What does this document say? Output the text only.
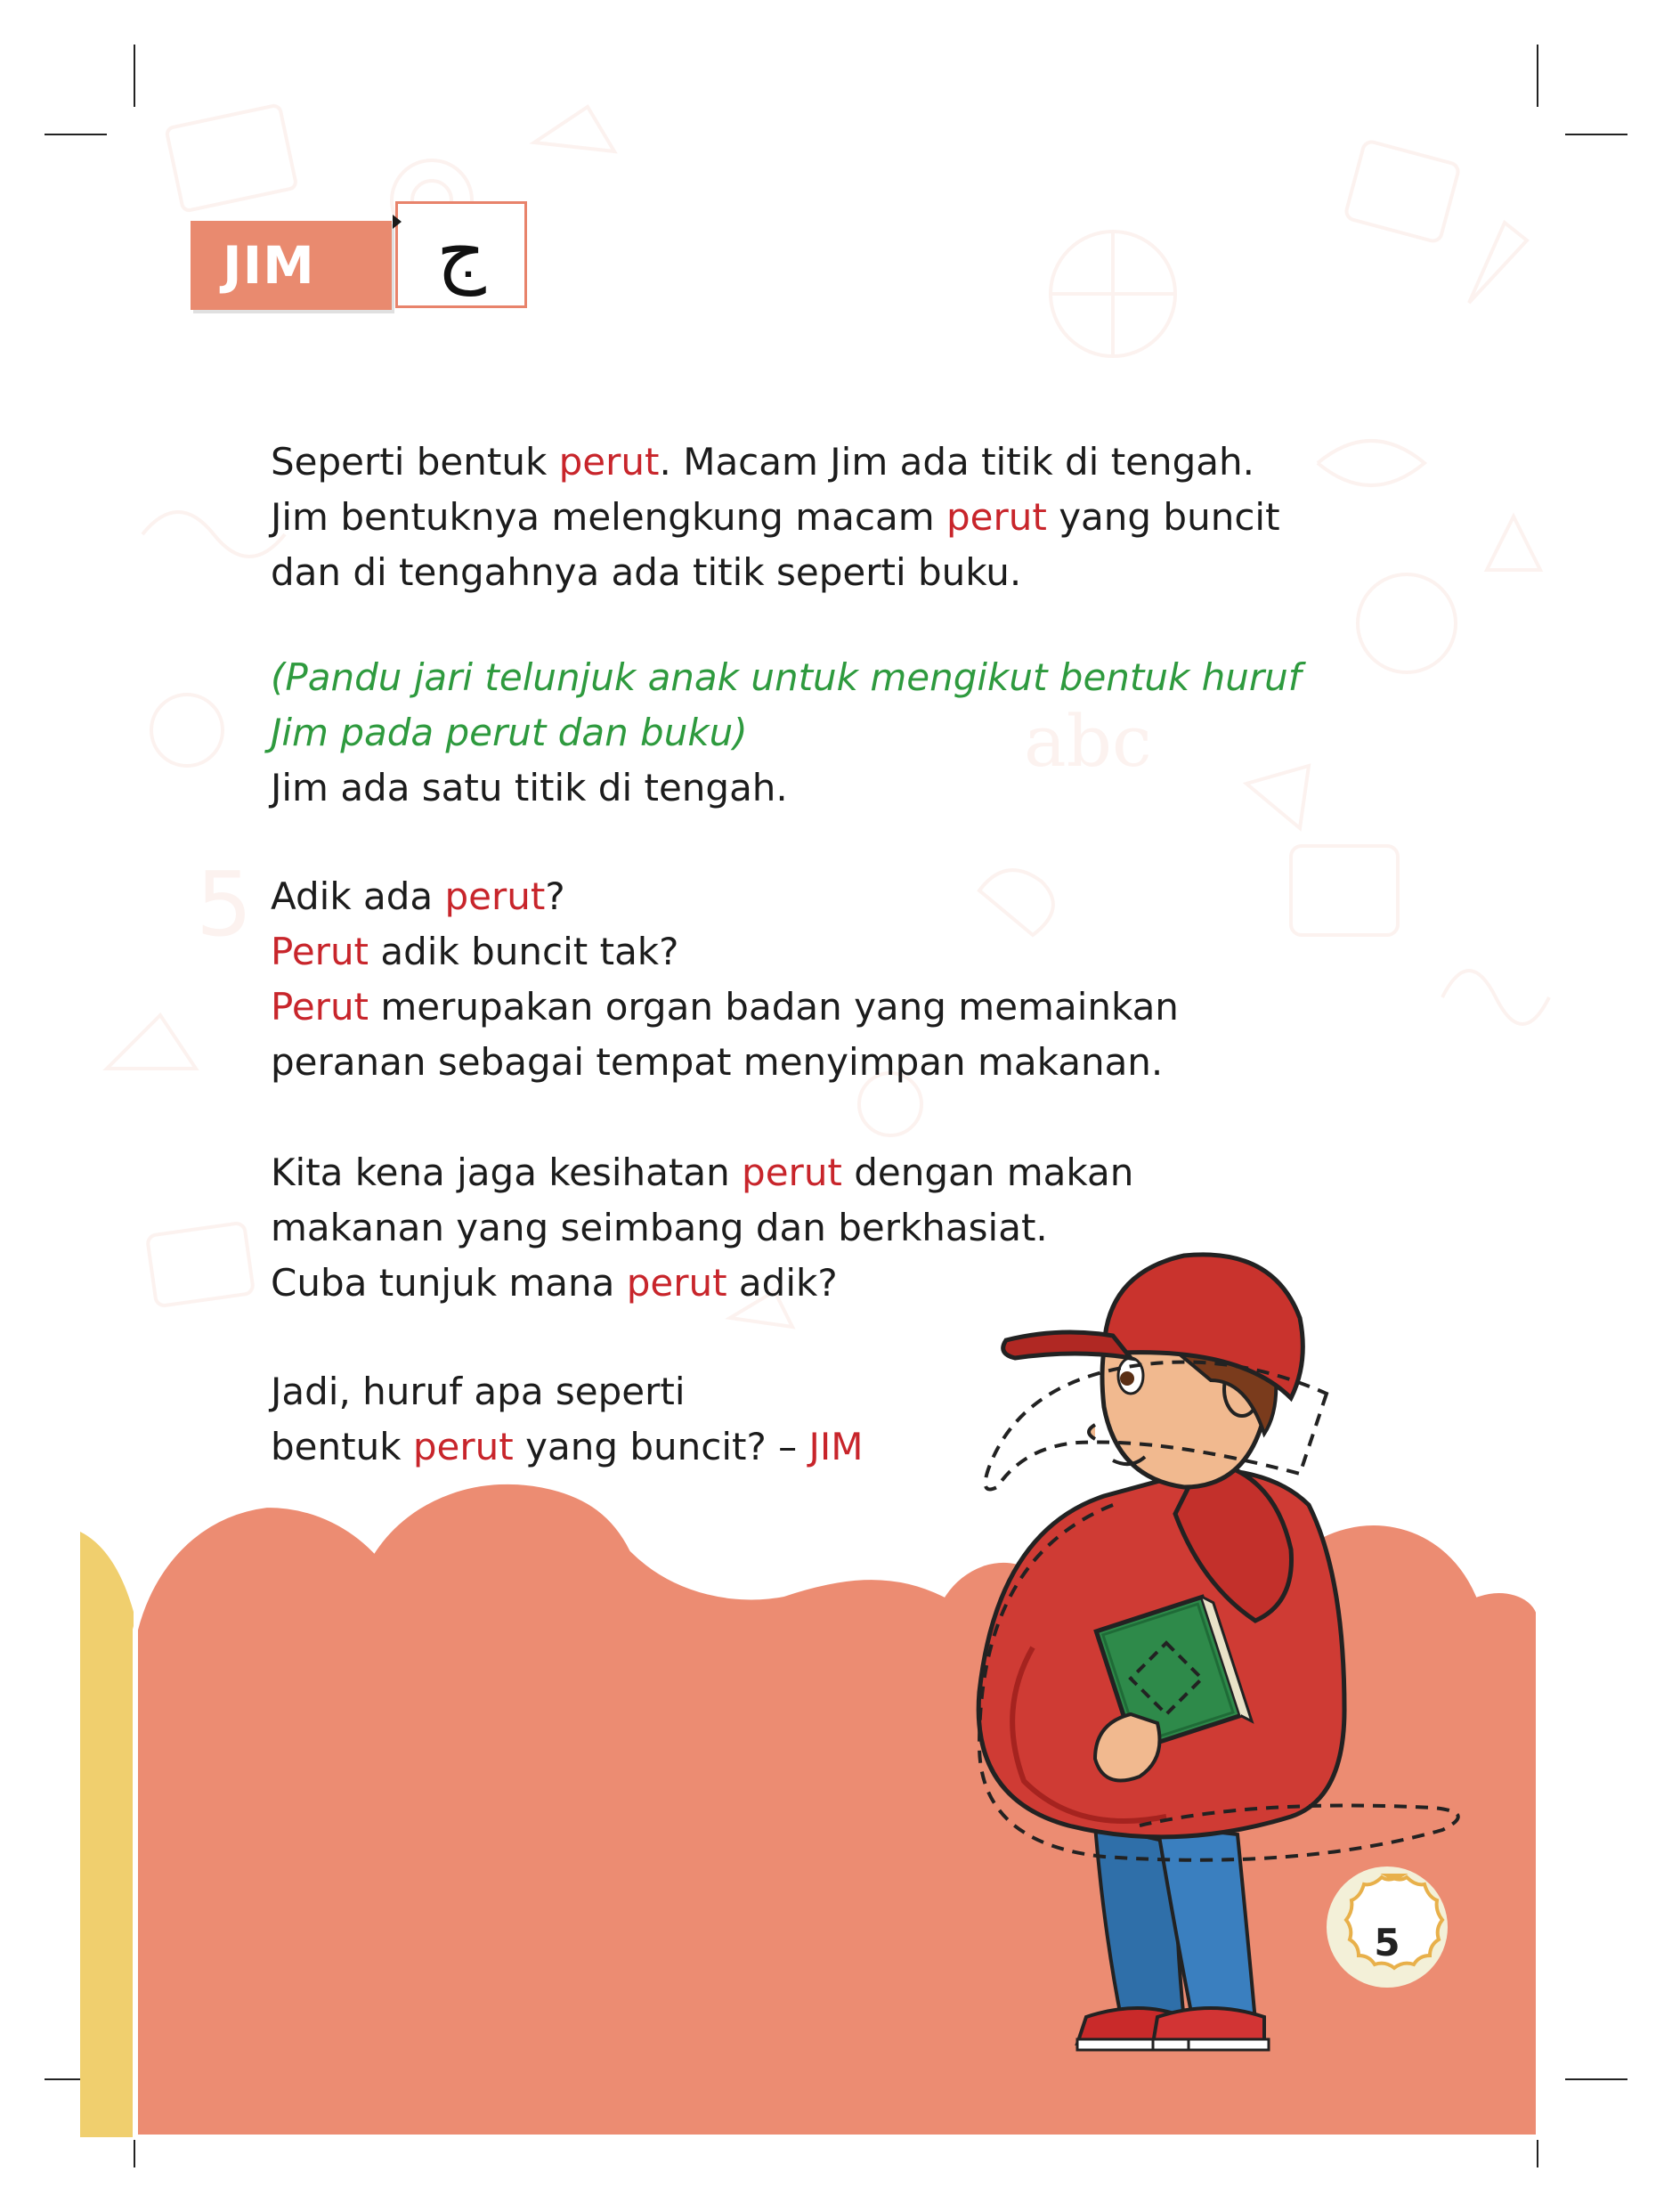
abc
5
JIM	ج

Seperti bentuk perut. Macam Jim ada titik di tengah.

Jim bentuknya melengkung macam perut yang buncit

dan di tengahnya ada titik seperti buku.

(Pandu jari telunjuk anak untuk mengikut bentuk huruf

Jim pada perut dan buku)

Jim ada satu titik di tengah.

Adik ada perut?

Perut adik buncit tak?

Perut merupakan organ badan yang memainkan

peranan sebagai tempat menyimpan makanan.

Kita kena jaga kesihatan perut dengan makan

makanan yang seimbang dan berkhasiat.

Cuba tunjuk mana perut adik?

Jadi, huruf apa seperti

bentuk perut yang buncit? – JIM

5
